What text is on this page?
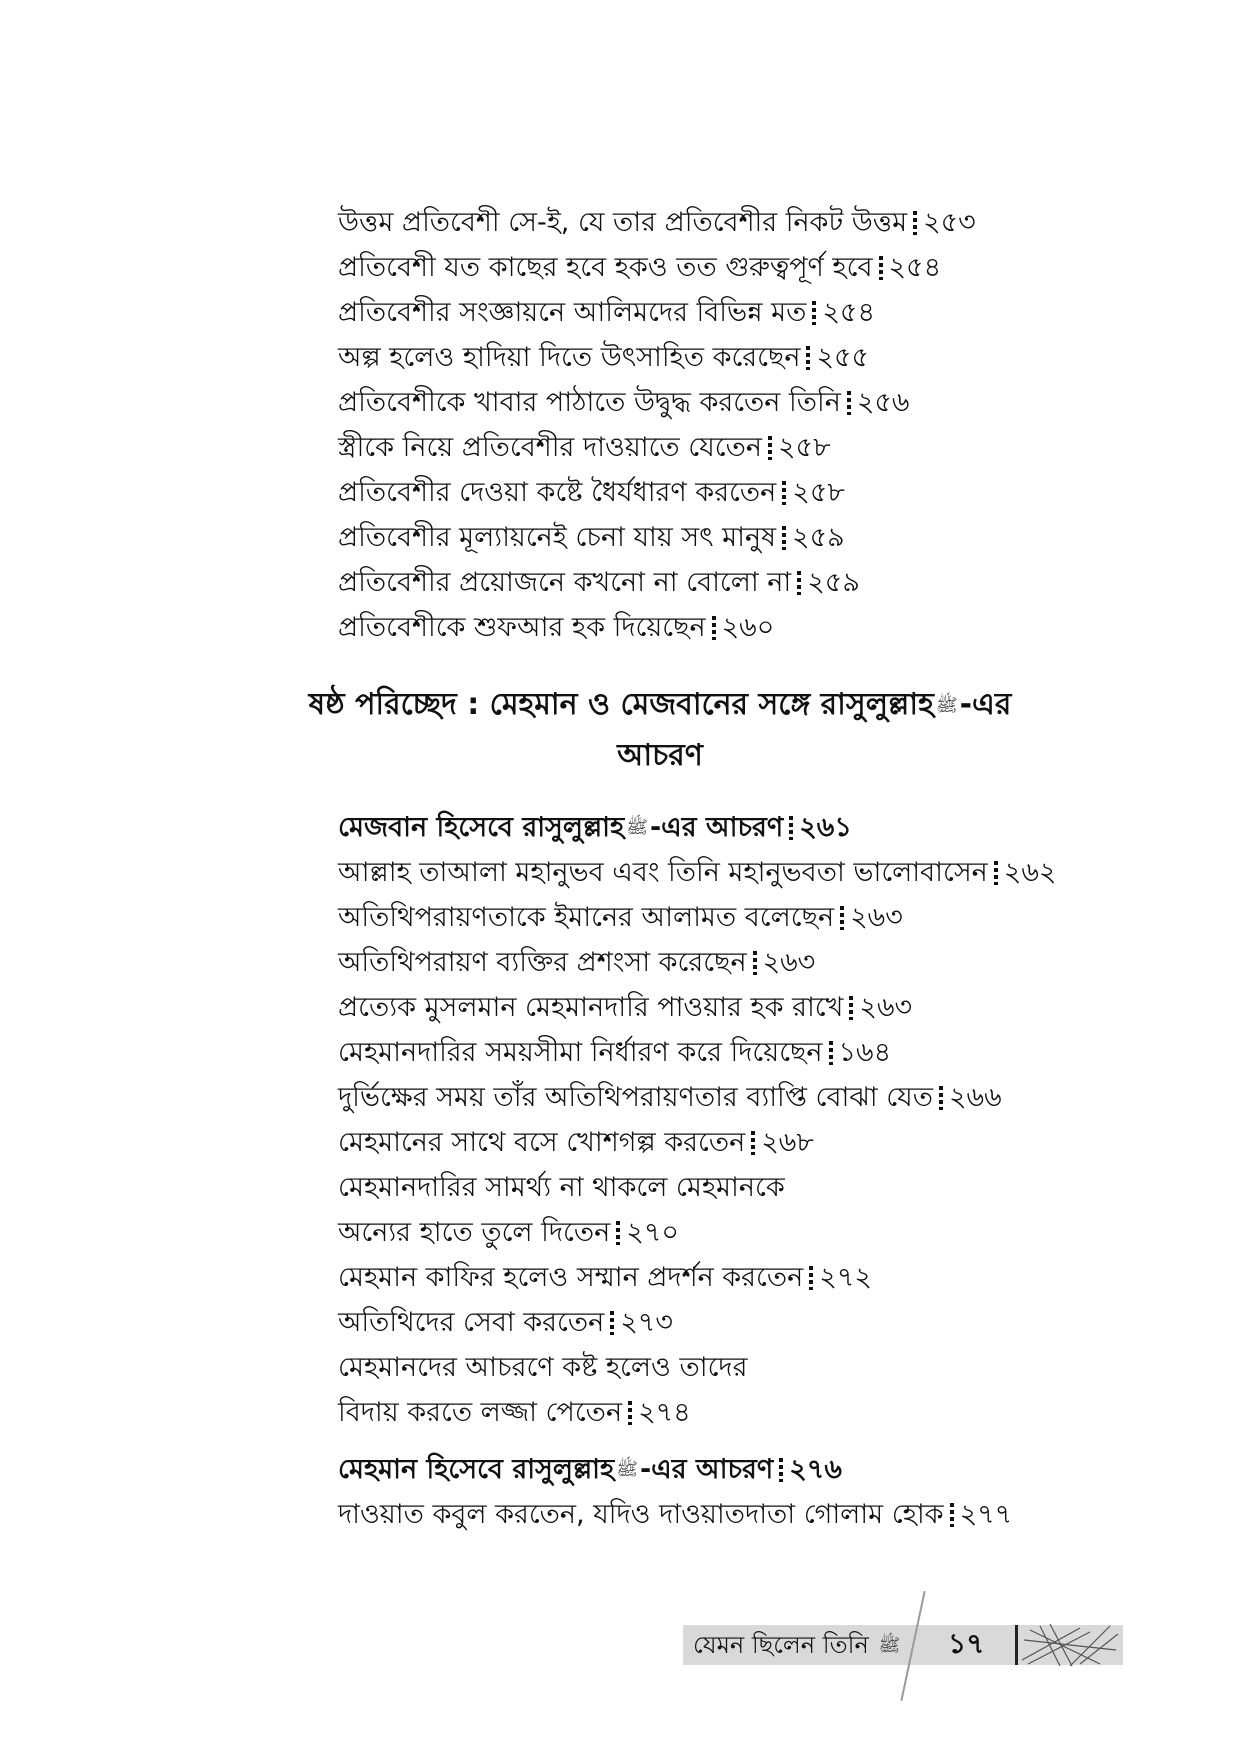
উত্তম প্রতিবেশী সে-ই, যে তার প্রতিবেশীর নিকট উত্তম ২৫৩
প্রতিবেশী যত কাছের হবে হকও তত গুরুত্বপূর্ণ হবে ২৫৪
প্রতিবেশীর সংজ্ঞায়নে আলিমদের বিভিন্ন মত ২৫৪
অল্প হলেও হাদিয়া দিতে উৎসাহিত করেছেন ২৫৫
প্রতিবেশীকে খাবার পাঠাতে উদ্বুদ্ধ করতেন তিনি ২৫৬
স্ত্রীকে নিয়ে প্রতিবেশীর দাওয়াতে যেতেন ২৫৮
প্রতিবেশীর দেওয়া কষ্টে ধৈর্যধারণ করতেন ২৫৮
প্রতিবেশীর মূল্যায়নেই চেনা যায় সৎ মানুষ ২৫৯
প্রতিবেশীর প্রয়োজনে কখনো না বোলো না ২৫৯
প্রতিবেশীকে শুফআর হক দিয়েছেন ২৬০
ষষ্ঠ পরিচ্ছেদ : মেহমান ও মেজবানের সঙ্গে রাসুলুল্লাহ ﷺ-এর
আচরণ
মেজবান হিসেবে রাসুলুল্লাহ ﷺ -এর আচরণ ২৬১
আল্লাহ তাআলা মহানুভব এবং তিনি মহানুভবতা ভালোবাসেন ২৬২
অতিথিপরায়ণতাকে ইমানের আলামত বলেছেন ২৬৩
অতিথিপরায়ণ ব্যক্তির প্রশংসা করেছেন ২৬৩
প্রত্যেক মুসলমান মেহমানদারি পাওয়ার হক রাখে ২৬৩
মেহমানদারির সময়সীমা নির্ধারণ করে দিয়েছেন ১৬৪
দুর্ভিক্ষের সময় তাঁর অতিথিপরায়ণতার ব্যাপ্তি বোঝা যেত ২৬৬
মেহমানের সাথে বসে খোশগল্প করতেন ২৬৮
মেহমানদারির সামর্থ্য না থাকলে মেহমানকে
অন্যের হাতে তুলে দিতেন ২৭০
মেহমান কাফির হলেও সম্মান প্রদর্শন করতেন ২৭২
অতিথিদের সেবা করতেন ২৭৩
মেহমানদের আচরণে কষ্ট হলেও তাদের
বিদায় করতে লজ্জা পেতেন ২৭৪
মেহমান হিসেবে রাসুলুল্লাহ ﷺ -এর আচরণ ২৭৬
দাওয়াত কবুল করতেন, যদিও দাওয়াতদাতা গোলাম হোক ২৭৭
যেমন ছিলেন তিনি ﷺ ১৭
